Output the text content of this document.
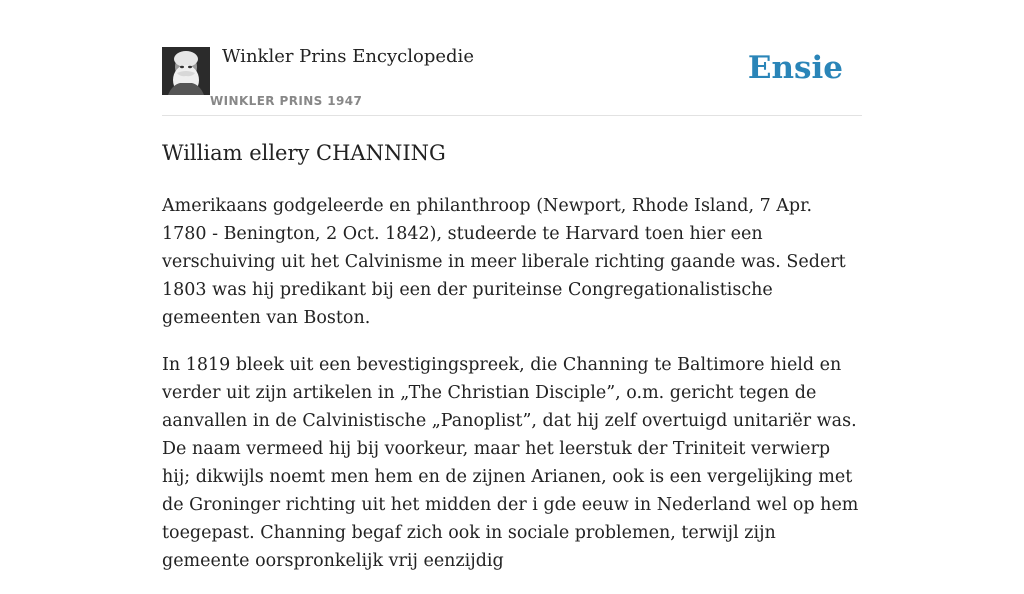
Winkler Prins Encyclopedie
WINKLER PRINS 1947
Ensie
William ellery CHANNING

Amerikaans godgeleerde en philanthroop (Newport, Rhode Island, 7 Apr. 1780 - Benington, 2 Oct. 1842), studeerde te Harvard toen hier een verschuiving uit het Calvinisme in meer liberale richting gaande was. Sedert 1803 was hij predikant bij een der puriteinse Congregationalistische gemeenten van Boston.

In 1819 bleek uit een bevestigingspreek, die Channing te Baltimore hield en verder uit zijn artikelen in „The Christian Disciple”, o.m. gericht tegen de aanvallen in de Calvinistische „Panoplist”, dat hij zelf overtuigd unitariër was. De naam vermeed hij bij voorkeur, maar het leerstuk der Triniteit verwierp hij; dikwijls noemt men hem en de zijnen Arianen, ook is een vergelijking met de Groninger richting uit het midden der i gde eeuw in Nederland wel op hem toegepast. Channing begaf zich ook in sociale problemen, terwijl zijn gemeente oorspronkelijk vrij eenzijdig
